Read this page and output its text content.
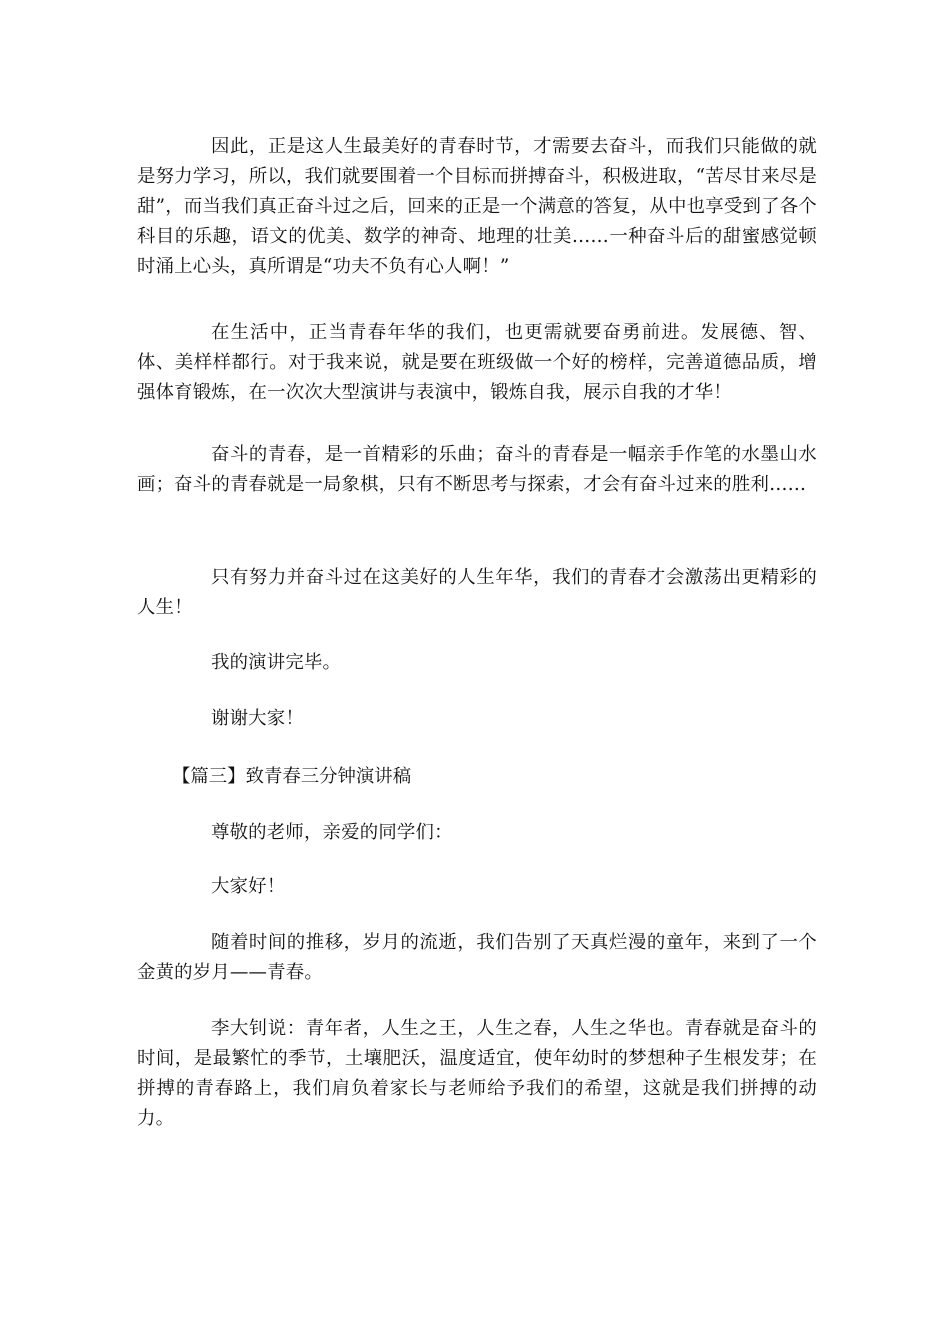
因此，正是这人生最美好的青春时节，才需要去奋斗，而我们只能做的就是努力学习，所以，我们就要围着一个目标而拼搏奋斗，积极进取，“苦尽甘来尽是甜”，而当我们真正奋斗过之后，回来的正是一个满意的答复，从中也享受到了各个科目的乐趣，语文的优美、数学的神奇、地理的壮美……一种奋斗后的甜蜜感觉顿时涌上心头，真所谓是“功夫不负有心人啊！”

在生活中，正当青春年华的我们，也更需就要奋勇前进。发展德、智、体、美样样都行。对于我来说，就是要在班级做一个好的榜样，完善道德品质，增强体育锻炼，在一次次大型演讲与表演中，锻炼自我，展示自我的才华！

奋斗的青春，是一首精彩的乐曲；奋斗的青春是一幅亲手作笔的水墨山水画；奋斗的青春就是一局象棋，只有不断思考与探索，才会有奋斗过来的胜利……

只有努力并奋斗过在这美好的人生年华，我们的青春才会激荡出更精彩的人生！

我的演讲完毕。

谢谢大家！

【篇三】致青春三分钟演讲稿

尊敬的老师，亲爱的同学们：

大家好！

随着时间的推移，岁月的流逝，我们告别了天真烂漫的童年，来到了一个金黄的岁月——青春。

李大钊说：青年者，人生之王，人生之春，人生之华也。青春就是奋斗的时间，是最繁忙的季节，土壤肥沃，温度适宜，使年幼时的梦想种子生根发芽；在拼搏的青春路上，我们肩负着家长与老师给予我们的希望，这就是我们拼搏的动力。
